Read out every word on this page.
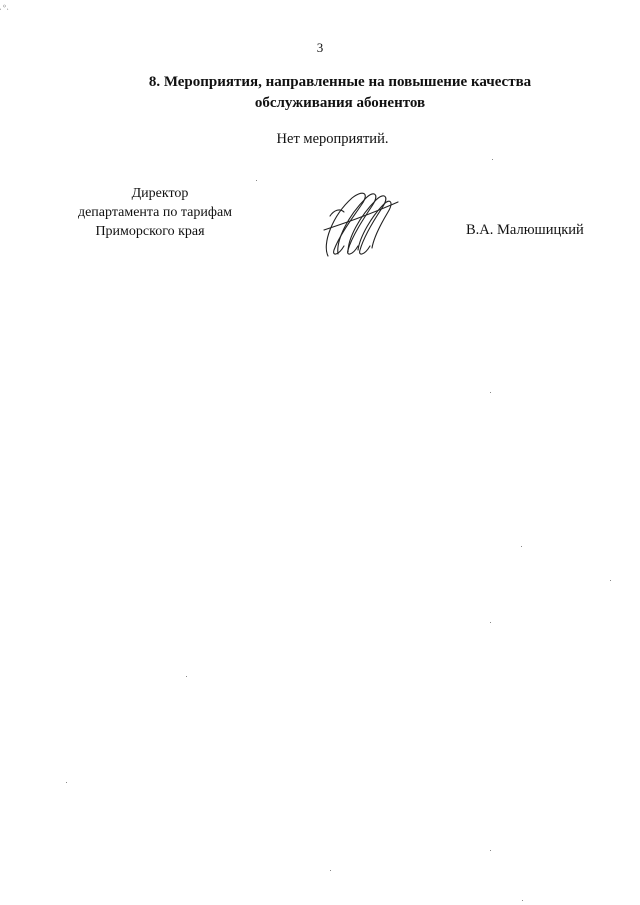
ͅͅ৹ ͅ
3
8. Мероприятия, направленные на повышение качества
обслуживания абонентов
Нет мероприятий.
Директор
департамента по тарифам
Приморского края	В.А. Малюшицкий
